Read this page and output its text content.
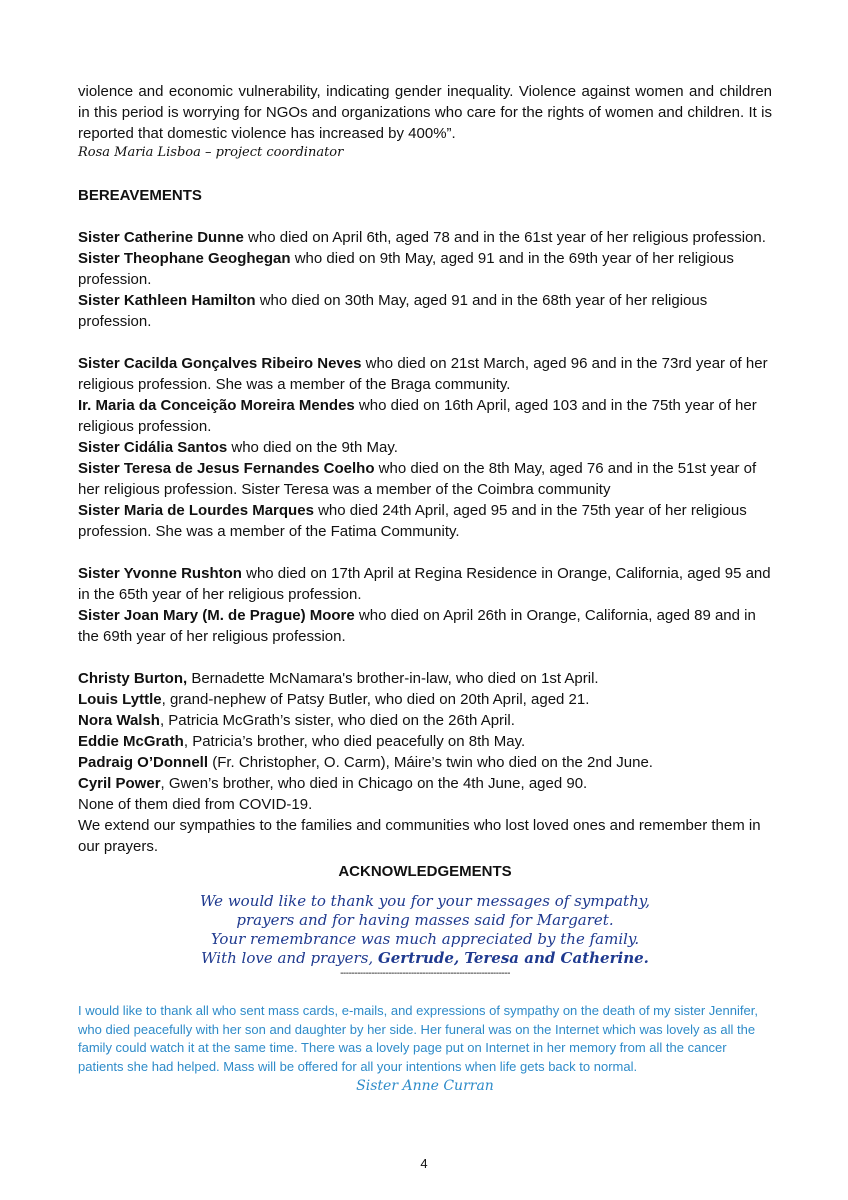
violence and economic vulnerability, indicating gender inequality. Violence against women and children in this period is worrying for NGOs and organizations who care for the rights of women and children. It is reported that domestic violence has increased by 400%”.

Rosa Maria Lisboa – project coordinator

BEREAVEMENTS

Sister Catherine Dunne who died on April 6th, aged 78 and in the 61st year of her religious profession.

Sister Theophane Geoghegan who died on 9th May, aged 91 and in the 69th year of her religious profession.

Sister Kathleen Hamilton who died on 30th May, aged 91 and in the 68th year of her religious profession.

Sister Cacilda Gonçalves Ribeiro Neves who died on 21st March, aged 96 and in the 73rd year of her religious profession. She was a member of the Braga community.

Ir. Maria da Conceição Moreira Mendes who died on 16th April, aged 103 and in the 75th year of her religious profession.

Sister Cidália Santos who died on the 9th May.

Sister Teresa de Jesus Fernandes Coelho who died on the 8th May, aged 76 and in the 51st year of her religious profession. Sister Teresa was a member of the Coimbra community

Sister Maria de Lourdes Marques who died 24th April, aged 95 and in the 75th year of her religious profession. She was a member of the Fatima Community.

Sister Yvonne Rushton who died on 17th April at Regina Residence in Orange, California, aged 95 and in the 65th year of her religious profession.

Sister Joan Mary (M. de Prague) Moore who died on April 26th in Orange, California, aged 89 and in the 69th year of her religious profession.

Christy Burton, Bernadette McNamara's brother-in-law, who died on 1st April.

Louis Lyttle, grand-nephew of Patsy Butler, who died on 20th April, aged 21.

Nora Walsh, Patricia McGrath’s sister, who died on the 26th April.

Eddie McGrath, Patricia’s brother, who died peacefully on 8th May.

Padraig O’Donnell (Fr. Christopher, O. Carm), Máire’s twin who died on the 2nd June.

Cyril Power, Gwen’s brother, who died in Chicago on the 4th June, aged 90.

None of them died from COVID-19.

We extend our sympathies to the families and communities who lost loved ones and remember them in our prayers.

ACKNOWLEDGEMENTS

We would like to thank you for your messages of sympathy,

prayers and for having masses said for Margaret.

Your remembrance was much appreciated by the family.

With love and prayers, Gertrude, Teresa and Catherine.

------------------------------------------------------------

I would like to thank all who sent mass cards, e-mails, and expressions of sympathy on the death of my sister Jennifer, who died peacefully with her son and daughter by her side. Her funeral was on the Internet which was lovely as all the family could watch it at the same time. There was a lovely page put on Internet in her memory from all the cancer patients she had helped. Mass will be offered for all your intentions when life gets back to normal.

Sister Anne Curran

4
